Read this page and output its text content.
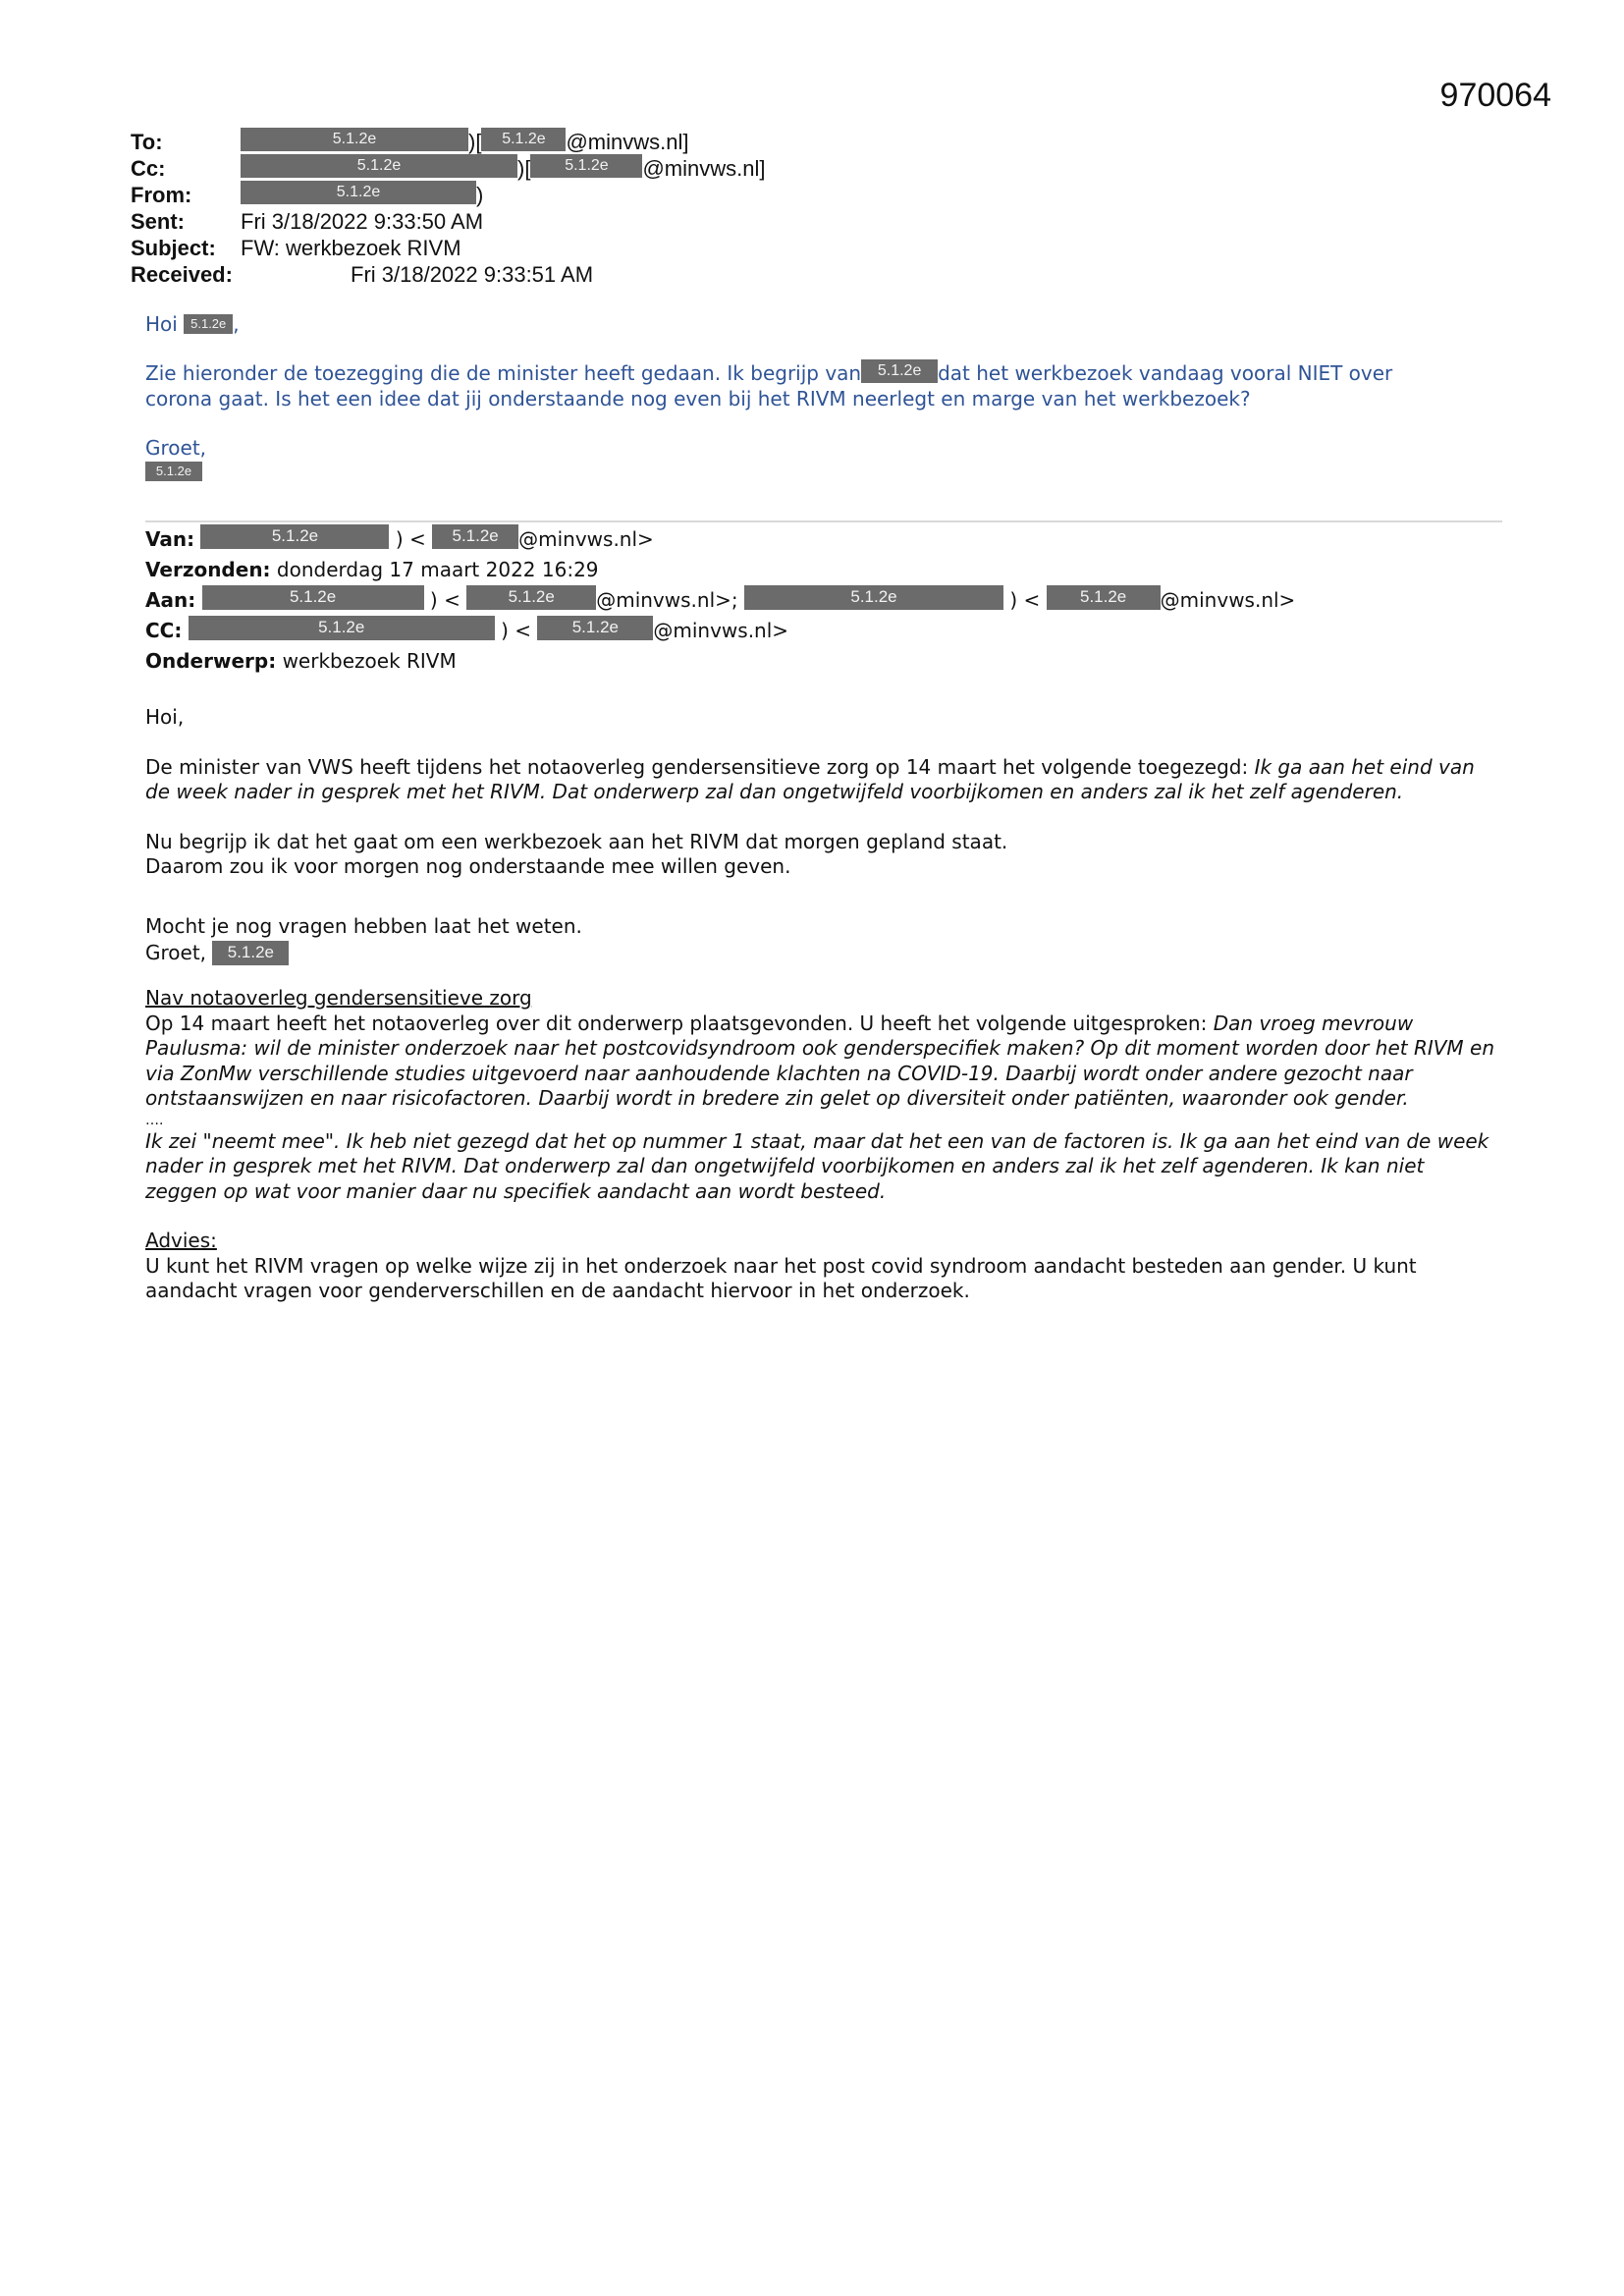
970064
To:	5.1.2e	)[ 5.1.2e @minvws.nl]
Cc:	5.1.2e	)[ 5.1.2e @minvws.nl]
From:	5.1.2e	)
Sent:	Fri 3/18/2022 9:33:50 AM
Subject: FW: werkbezoek RIVM
Received:	Fri 3/18/2022 9:33:51 AM

Hoi 5.1.2e ,

Zie hieronder de toezegging die de minister heeft gedaan. Ik begrijp van 5.1.2e dat het werkbezoek vandaag vooral NIET over

corona gaat. Is het een idee dat jij onderstaande nog even bij het RIVM neerlegt en marge van het werkbezoek?

Groet,

5.1.2e

Van:	5.1.2e	) < 5.1.2e @minvws.nl>
Verzonden: donderdag 17 maart 2022 16:29
Aan:	5.1.2e	) < 5.1.2e @minvws.nl>;	5.1.2e	) < 5.1.2e @minvws.nl>
CC:	5.1.2e	) < 5.1.2e @minvws.nl>
Onderwerp: werkbezoek RIVM

Hoi,

De minister van VWS heeft tijdens het notaoverleg gendersensitieve zorg op 14 maart het volgende toegezegd: Ik ga aan het eind van de week nader in gesprek met het RIVM. Dat onderwerp zal dan ongetwijfeld voorbijkomen en anders zal ik het zelf agenderen.

Nu begrijp ik dat het gaat om een werkbezoek aan het RIVM dat morgen gepland staat.

Daarom zou ik voor morgen nog onderstaande mee willen geven.

Mocht je nog vragen hebben laat het weten.

Groet, 5.1.2e

Nav notaoverleg gendersensitieve zorg

Op 14 maart heeft het notaoverleg over dit onderwerp plaatsgevonden. U heeft het volgende uitgesproken: Dan vroeg mevrouw Paulusma: wil de minister onderzoek naar het postcovidsyndroom ook genderspecifiek maken? Op dit moment worden door het RIVM en via ZonMw verschillende studies uitgevoerd naar aanhoudende klachten na COVID-19. Daarbij wordt onder andere gezocht naar ontstaanswijzen en naar risicofactoren. Daarbij wordt in bredere zin gelet op diversiteit onder patiënten, waaronder ook gender.

….

Ik zei "neemt mee". Ik heb niet gezegd dat het op nummer 1 staat, maar dat het een van de factoren is. Ik ga aan het eind van de week nader in gesprek met het RIVM. Dat onderwerp zal dan ongetwijfeld voorbijkomen en anders zal ik het zelf agenderen. Ik kan niet zeggen op wat voor manier daar nu specifiek aandacht aan wordt besteed.

Advies:

U kunt het RIVM vragen op welke wijze zij in het onderzoek naar het post covid syndroom aandacht besteden aan gender. U kunt aandacht vragen voor genderverschillen en de aandacht hiervoor in het onderzoek.
